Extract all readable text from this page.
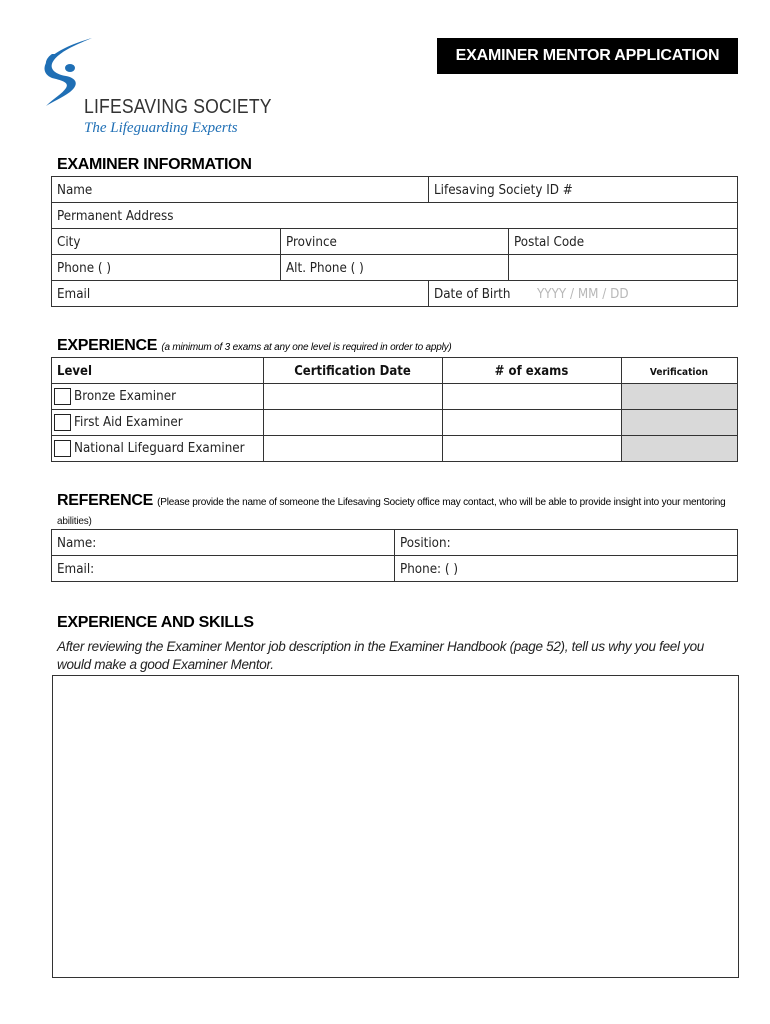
LIFESAVING SOCIETY
The Lifeguarding Experts
EXAMINER MENTOR APPLICATION
EXAMINER INFORMATION
Name	Lifesaving Society ID #
Permanent Address
City	Province	Postal Code
Phone ( )	Alt. Phone ( )
Email	Date of Birth YYYY / MM / DD
EXPERIENCE (a minimum of 3 exams at any one level is required in order to apply)
Level	Certification Date	# of exams	Verification
Bronze Examiner
First Aid Examiner
National Lifeguard Examiner
REFERENCE (Please provide the name of someone the Lifesaving Society office may contact, who will be able to provide insight into your mentoring
abilities)
Name:	Position:
Email:	Phone: ( )
EXPERIENCE AND SKILLS
After reviewing the Examiner Mentor job description in the Examiner Handbook (page 52), tell us why you feel you would make a good Examiner Mentor.
